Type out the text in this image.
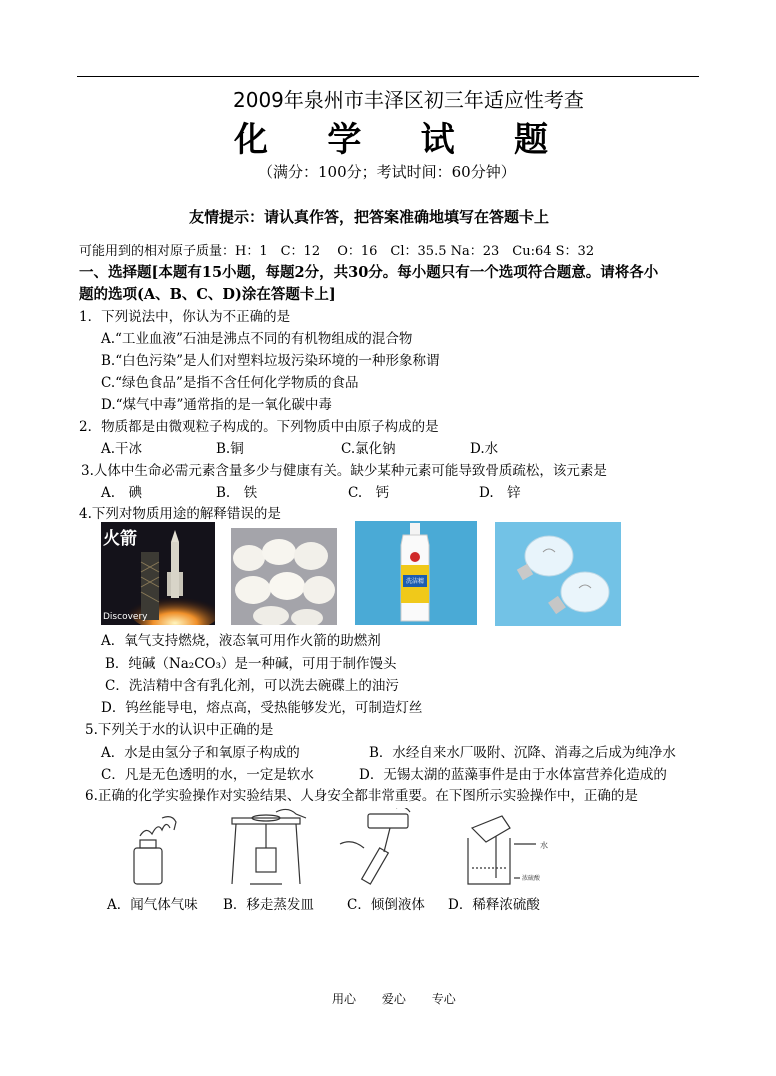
2009年泉州市丰泽区初三年适应性考查
化 学 试 题
（满分：100分；考试时间：60分钟）
友情提示：请认真作答，把答案准确地填写在答题卡上
可能用到的相对原子质量：H：1　C：12　 O：16　Cl：35.5 Na：23　Cu:64 S：32
一、选择题[本题有15小题，每题2分，共30分。每小题只有一个选项符合题意。请将各小
题的选项(A、B、C、D)涂在答题卡上]
1．下列说法中，你认为不正确的是
A.“工业血液”石油是沸点不同的有机物组成的混合物
B.“白色污染”是人们对塑料垃圾污染环境的一种形象称谓
C.“绿色食品”是指不含任何化学物质的食品
D.“煤气中毒”通常指的是一氧化碳中毒
2．物质都是由微观粒子构成的。下列物质中由原子构成的是
A.干冰	B.铜	C.氯化钠	D.水
3.人体中生命必需元素含量多少与健康有关。缺少某种元素可能导致骨质疏松，该元素是
A.　碘	B.　铁	C.　钙	D.　锌
4.下列对物质用途的解释错误的是
火箭
Discovery
洗洁精
A．氧气支持燃烧，液态氧可用作火箭的助燃剂
B．纯碱（Na₂CO₃）是一种碱，可用于制作馒头
C．洗洁精中含有乳化剂，可以洗去碗碟上的油污
D．钨丝能导电，熔点高，受热能够发光，可制造灯丝
5.下列关于水的认识中正确的是
A．水是由氢分子和氧原子构成的	B．水经自来水厂吸附、沉降、消毒之后成为纯净水
C．凡是无色透明的水，一定是软水	D．无锡太湖的蓝藻事件是由于水体富营养化造成的
6.正确的化学实验操作对实验结果、人身安全都非常重要。在下图所示实验操作中，正确的是
水
浓硫酸
A．闻气体气味 B．移走蒸发皿 C．倾倒液体 D．稀释浓硫酸
用心 爱心 专心
